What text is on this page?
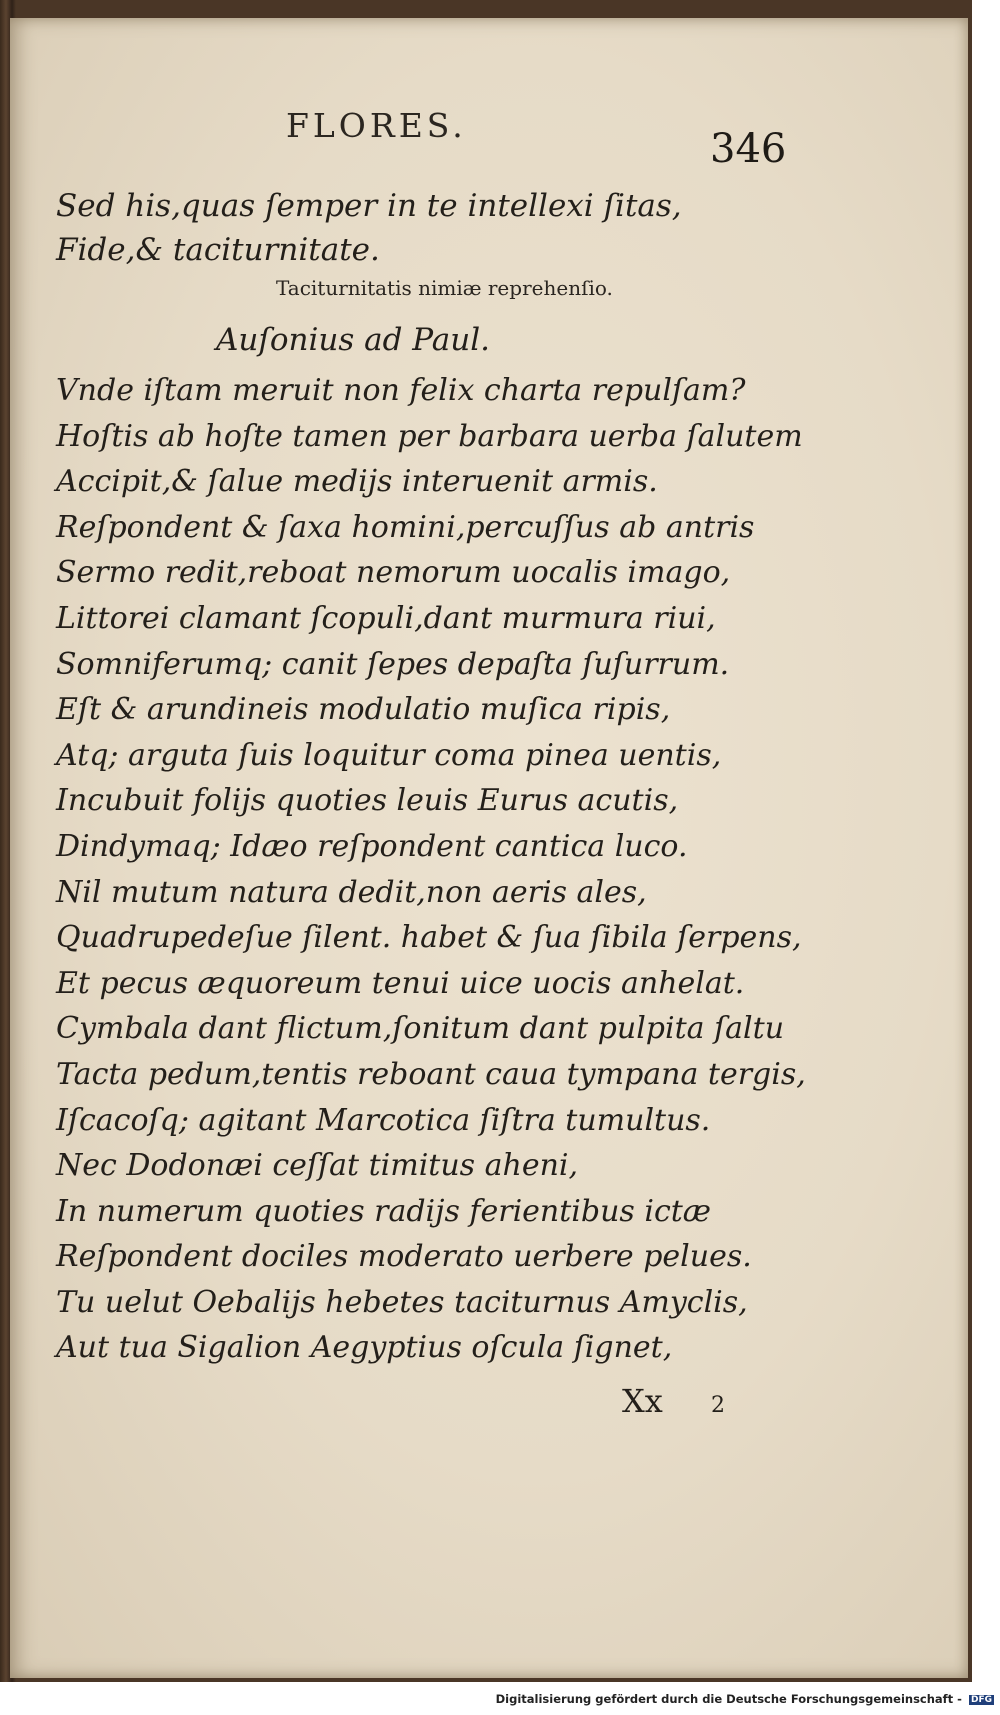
FLORES.
346
Sed his,quas ſemper in te intellexi ſitas,
Fide,& taciturnitate.
Taciturnitatis nimiæ reprehenſio.
Auſonius ad Paul.
Vnde iſtam meruit non felix charta repulſam?
Hoſtis ab hoſte tamen per barbara uerba ſalutem
Accipit,& ſalue medijs interuenit armis.
Reſpondent & ſaxa homini,percuſſus ab antris
Sermo redit,reboat nemorum uocalis imago,
Littorei clamant ſcopuli,dant murmura riui,
Somniferumq; canit ſepes depaſta ſuſurrum.
Eſt & arundineis modulatio muſica ripis,
Atq; arguta ſuis loquitur coma pinea uentis,
Incubuit folijs quoties leuis Eurus acutis,
Dindymaq; Idæo reſpondent cantica luco.
Nil mutum natura dedit,non aeris ales,
Quadrupedeſue ſilent. habet & ſua ſibila ſerpens,
Et pecus æquoreum tenui uice uocis anhelat.
Cymbala dant flictum,ſonitum dant pulpita ſaltu
Tacta pedum,tentis reboant caua tympana tergis,
Iſcacoſq; agitant Marcotica ſiſtra tumultus.
Nec Dodonæi ceſſat timitus aheni,
In numerum quoties radijs ferientibus ictæ
Reſpondent dociles moderato uerbere pelues.
Tu uelut Oebalijs hebetes taciturnus Amyclis,
Aut tua Sigalion Aegyptius oſcula ſignet,
Xx 2
Digitalisierung gefördert durch die Deutsche Forschungsgemeinschaft - DFG
